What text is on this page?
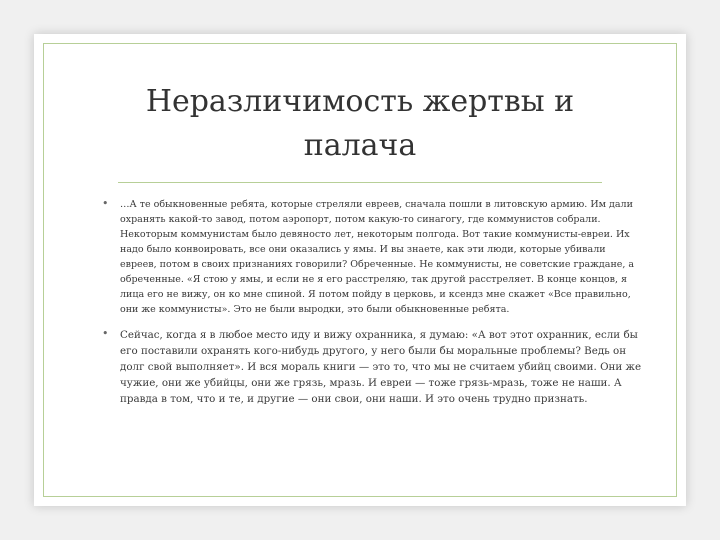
Неразличимость жертвы и палача
• …А те обыкновенные ребята, которые стреляли евреев, сначала пошли в литовскую армию. Им дали охранять какой-то завод, потом аэропорт, потом какую-то синагогу, где коммунистов собрали. Некоторым коммунистам было девяносто лет, некоторым полгода. Вот такие коммунисты-евреи. Их надо было конвоировать, все они оказались у ямы. И вы знаете, как эти люди, которые убивали евреев, потом в своих признаниях говорили? Обреченные. Не коммунисты, не советские граждане, а обреченные. «Я стою у ямы, и если не я его расстреляю, так другой расстреляет. В конце концов, я лица его не вижу, он ко мне спиной. Я потом пойду в церковь, и ксендз мне скажет «Все правильно, они же коммунисты». Это не были выродки, это были обыкновенные ребята.
• Сейчас, когда я в любое место иду и вижу охранника, я думаю: «А вот этот охранник, если бы его поставили охранять кого-нибудь другого, у него были бы моральные проблемы? Ведь он долг свой выполняет». И вся мораль книги — это то, что мы не считаем убийц своими. Они же чужие, они же убийцы, они же грязь, мразь. И евреи — тоже грязь-мразь, тоже не наши. А правда в том, что и те, и другие — они свои, они наши. И это очень трудно признать.
